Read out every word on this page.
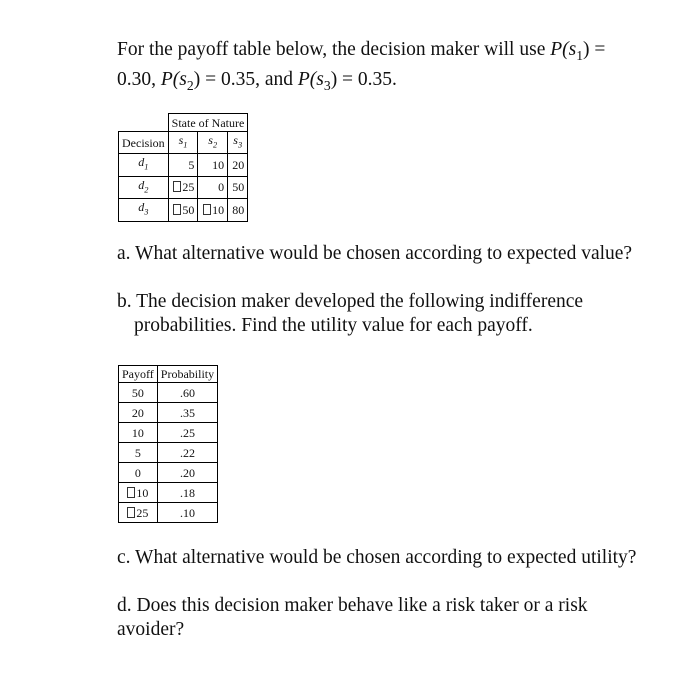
For the payoff table below, the decision maker will use $P(s_1)$ =
0.30, $P(s_2) = 0.35$, and $P(s_3) = 0.35$.

	State of Nature		
Decision	$s_1$	$s_2$	$s_3$
$d_1$	5	10	20
$d_2$	25	0	50
$d_3$	50	10	80

a. What alternative would be chosen according to expected value?

b. The decision maker developed the following indifference

probabilities. Find the utility value for each payoff.

Payoff	Probability
50	.60
20	.35
10	.25
5	.22
0	.20
10	.18
25	.10

c. What alternative would be chosen according to expected utility?

d. Does this decision maker behave like a risk taker or a risk avoider?
